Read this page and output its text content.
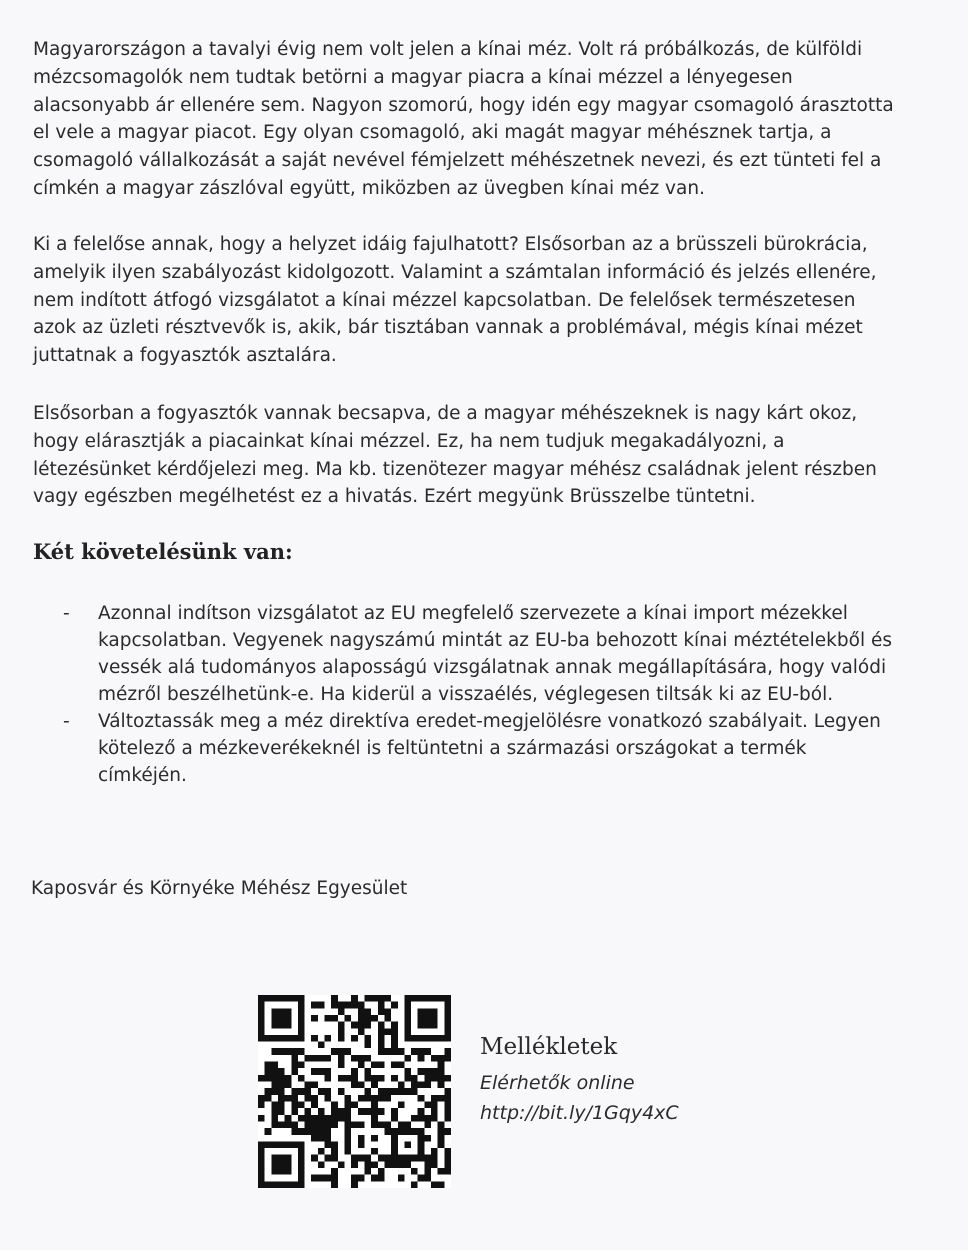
Magyarországon a tavalyi évig nem volt jelen a kínai méz. Volt rá próbálkozás, de külföldi
mézcsomagolók nem tudtak betörni a magyar piacra a kínai mézzel a lényegesen
alacsonyabb ár ellenére sem. Nagyon szomorú, hogy idén egy magyar csomagoló árasztotta
el vele a magyar piacot. Egy olyan csomagoló, aki magát magyar méhésznek tartja, a
csomagoló vállalkozását a saját nevével fémjelzett méhészetnek nevezi, és ezt tünteti fel a
címkén a magyar zászlóval együtt, miközben az üvegben kínai méz van.

Ki a felelőse annak, hogy a helyzet idáig fajulhatott? Elsősorban az a brüsszeli bürokrácia,
amelyik ilyen szabályozást kidolgozott. Valamint a számtalan információ és jelzés ellenére,
nem indított átfogó vizsgálatot a kínai mézzel kapcsolatban. De felelősek természetesen
azok az üzleti résztvevők is, akik, bár tisztában vannak a problémával, mégis kínai mézet
juttatnak a fogyasztók asztalára.

Elsősorban a fogyasztók vannak becsapva, de a magyar méhészeknek is nagy kárt okoz,
hogy elárasztják a piacainkat kínai mézzel. Ez, ha nem tudjuk megakadályozni, a
létezésünket kérdőjelezi meg. Ma kb. tizenötezer magyar méhész családnak jelent részben
vagy egészben megélhetést ez a hivatás. Ezért megyünk Brüsszelbe tüntetni.

Két követelésünk van:
- Azonnal indítson vizsgálatot az EU megfelelő szervezete a kínai import mézekkel
kapcsolatban. Vegyenek nagyszámú mintát az EU-ba behozott kínai méztételekből és
vessék alá tudományos alaposságú vizsgálatnak annak megállapítására, hogy valódi
mézről beszélhetünk-e. Ha kiderül a visszaélés, véglegesen tiltsák ki az EU-ból.
- Változtassák meg a méz direktíva eredet-megjelölésre vonatkozó szabályait. Legyen
kötelező a mézkeverékeknél is feltüntetni a származási országokat a termék
címkéjén.

Kaposvár és Környéke Méhész Egyesület

Mellékletek

Elérhetők online

http://bit.ly/1Gqy4xC
